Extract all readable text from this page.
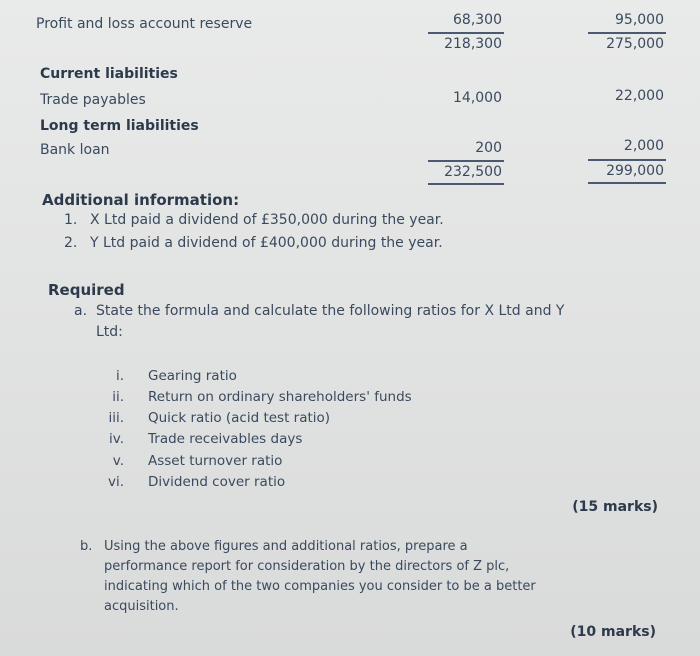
Profit and loss account reserve	68,300	95,000
218,300	275,000
Current liabilities
Trade payables	14,000	22,000
Long term liabilities
Bank loan	200	2,000
232,500	299,000
Additional information:
1. X Ltd paid a dividend of £350,000 during the year.
2. Y Ltd paid a dividend of £400,000 during the year.
Required
a. State the formula and calculate the following ratios for X Ltd and Y
Ltd:
i. Gearing ratio
ii. Return on ordinary shareholders' funds
iii. Quick ratio (acid test ratio)
iv. Trade receivables days
v. Asset turnover ratio
vi. Dividend cover ratio
(15 marks)
b. Using the above figures and additional ratios, prepare a
performance report for consideration by the directors of Z plc,
indicating which of the two companies you consider to be a better
acquisition.
(10 marks)
